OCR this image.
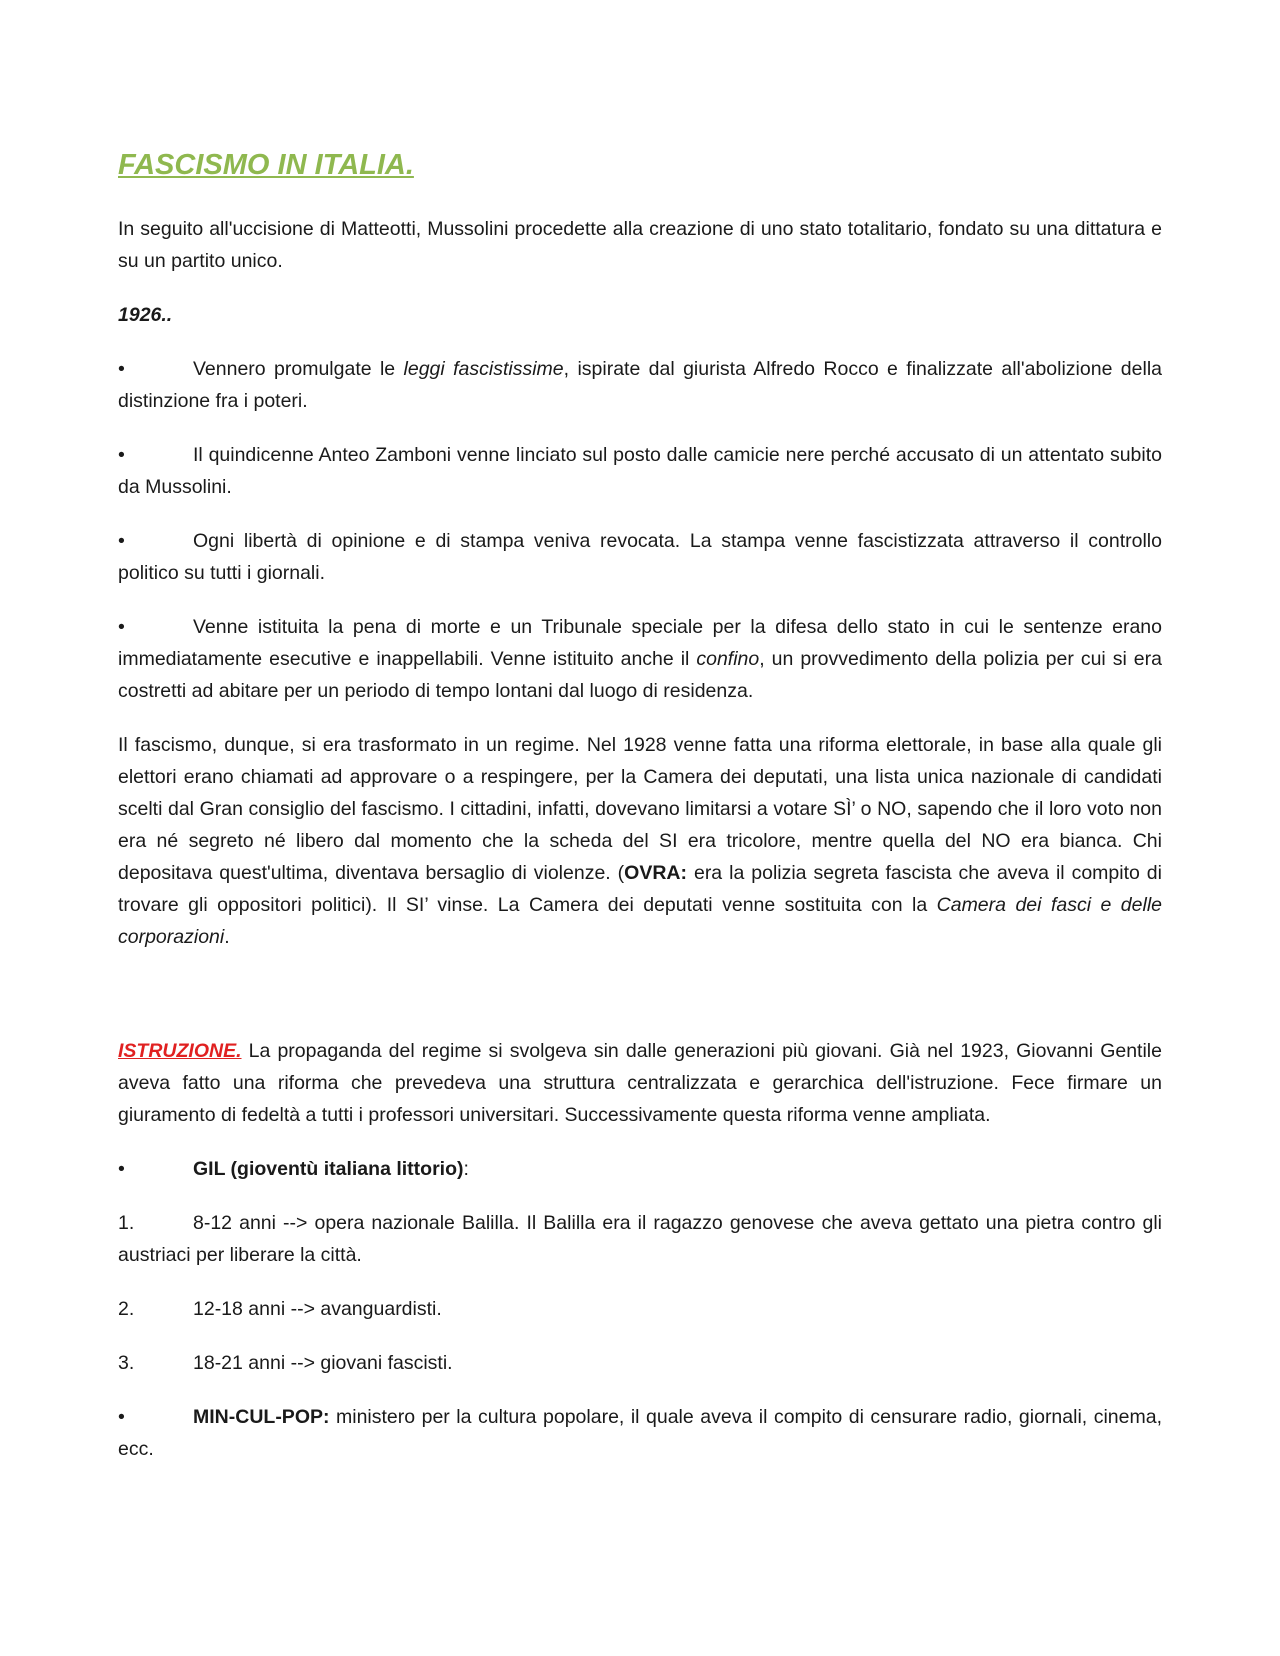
FASCISMO IN ITALIA.

In seguito all'uccisione di Matteotti, Mussolini procedette alla creazione di uno stato totalitario, fondato su una dittatura e su un partito unico.

1926..

•	Vennero promulgate le leggi fascistissime, ispirate dal giurista Alfredo Rocco e finalizzate all'abolizione della distinzione fra i poteri.

•	Il quindicenne Anteo Zamboni venne linciato sul posto dalle camicie nere perché accusato di un attentato subito da Mussolini.

•	Ogni libertà di opinione e di stampa veniva revocata. La stampa venne fascistizzata attraverso il controllo politico su tutti i giornali.

•	Venne istituita la pena di morte e un Tribunale speciale per la difesa dello stato in cui le sentenze erano immediatamente esecutive e inappellabili. Venne istituito anche il confino, un provvedimento della polizia per cui si era costretti ad abitare per un periodo di tempo lontani dal luogo di residenza.

Il fascismo, dunque, si era trasformato in un regime. Nel 1928 venne fatta una riforma elettorale, in base alla quale gli elettori erano chiamati ad approvare o a respingere, per la Camera dei deputati, una lista unica nazionale di candidati scelti dal Gran consiglio del fascismo. I cittadini, infatti, dovevano limitarsi a votare SÌ’ o NO, sapendo che il loro voto non era né segreto né libero dal momento che la scheda del SI era tricolore, mentre quella del NO era bianca. Chi depositava quest'ultima, diventava bersaglio di violenze. (OVRA: era la polizia segreta fascista che aveva il compito di trovare gli oppositori politici). Il SI’ vinse. La Camera dei deputati venne sostituita con la Camera dei fasci e delle corporazioni.

ISTRUZIONE. La propaganda del regime si svolgeva sin dalle generazioni più giovani. Già nel 1923, Giovanni Gentile aveva fatto una riforma che prevedeva una struttura centralizzata e gerarchica dell'istruzione. Fece firmare un giuramento di fedeltà a tutti i professori universitari. Successivamente questa riforma venne ampliata.

•	GIL (gioventù italiana littorio):

1.	8-12 anni --> opera nazionale Balilla. Il Balilla era il ragazzo genovese che aveva gettato una pietra contro gli austriaci per liberare la città.

2.	12-18 anni --> avanguardisti.

3.	18-21 anni --> giovani fascisti.

•	MIN-CUL-POP: ministero per la cultura popolare, il quale aveva il compito di censurare radio, giornali, cinema, ecc.
